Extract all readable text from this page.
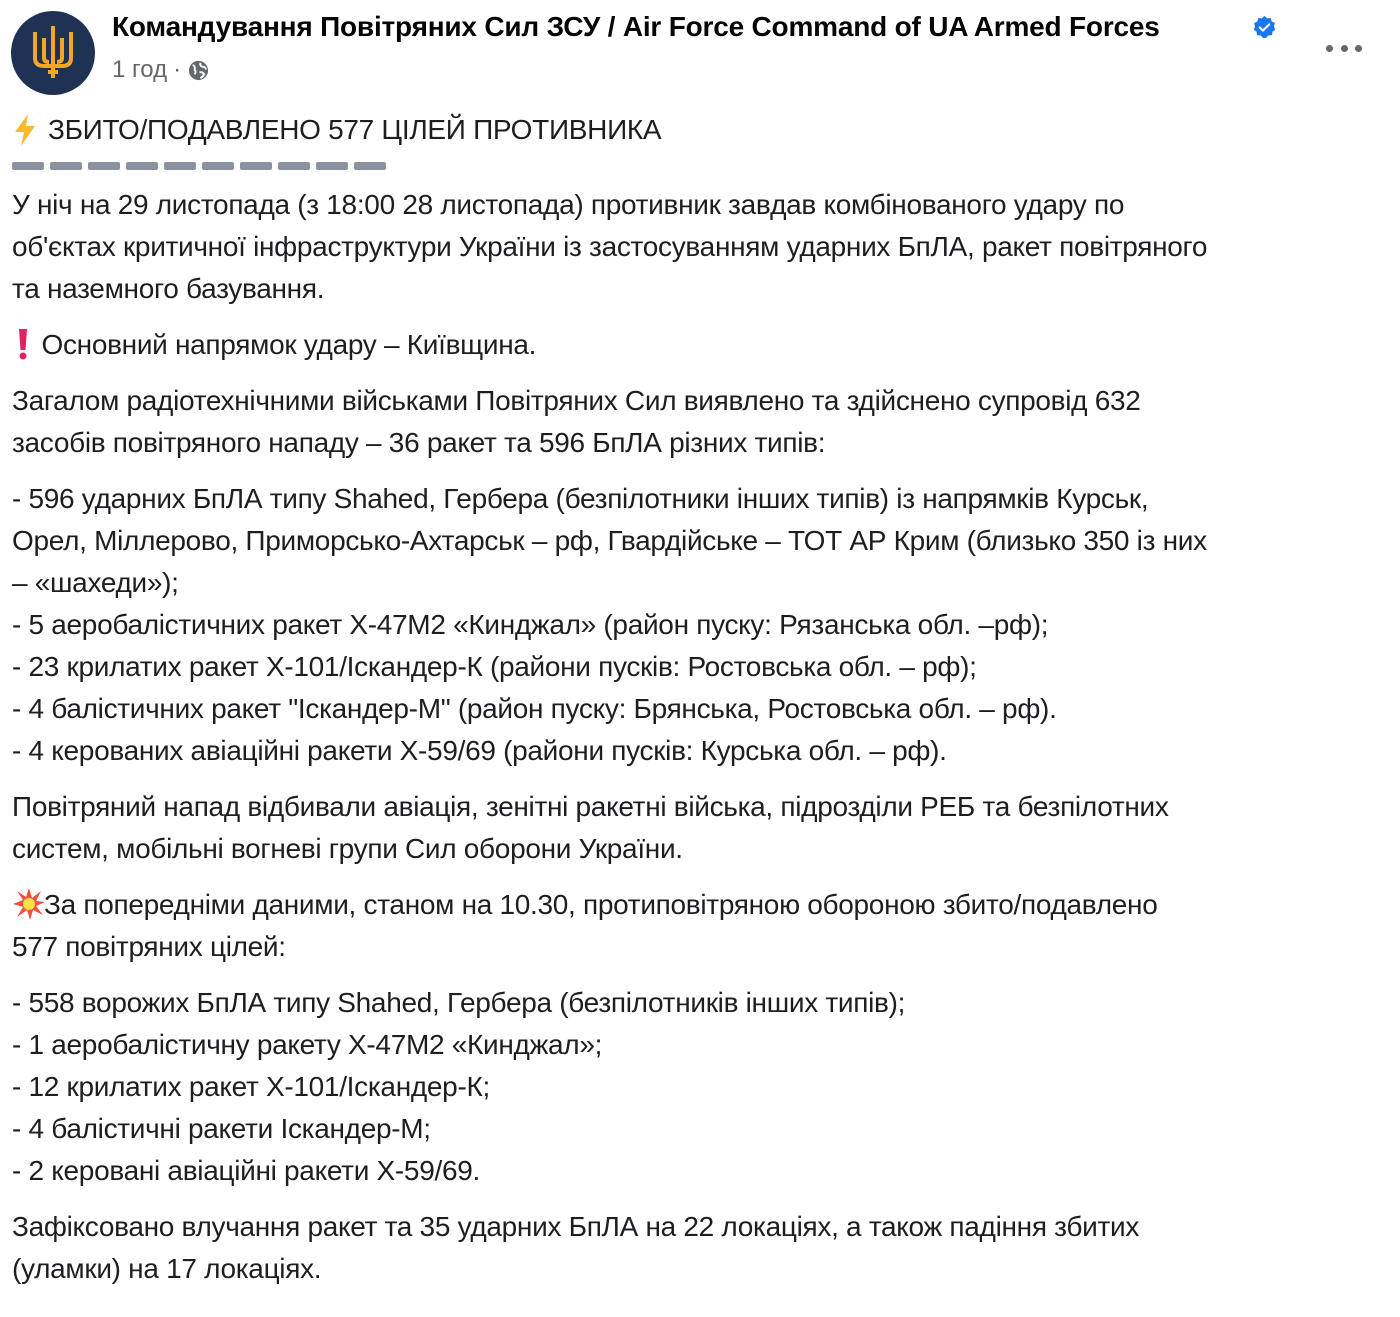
Командування Повітряних Сил ЗСУ / Air Force Command of UA Armed Forces
1 год ·
ЗБИТО/ПОДАВЛЕНО 577 ЦІЛЕЙ ПРОТИВНИКА

У ніч на 29 листопада (з 18:00 28 листопада) противник завдав комбінованого удару по

об'єктах критичної інфраструктури України із застосуванням ударних БпЛА, ракет повітряного

та наземного базування.

Основний напрямок удару – Київщина.

Загалом радіотехнічними військами Повітряних Сил виявлено та здійснено супровід 632

засобів повітряного нападу – 36 ракет та 596 БпЛА різних типів:

- 596 ударних БпЛА типу Shahed, Гербера (безпілотники інших типів) із напрямків Курськ,

Орел, Міллерово, Приморсько-Ахтарськ – рф, Гвардійське – ТОТ АР Крим (близько 350 із них

– «шахеди»);

- 5 аеробалістичних ракет Х-47М2 «Кинджал» (район пуску: Рязанська обл. –рф);

- 23 крилатих ракет Х-101/Іскандер-К (райони пусків: Ростовська обл. – рф);

- 4 балістичних ракет "Іскандер-М" (район пуску: Брянська, Ростовська обл. – рф).

- 4 керованих авіаційні ракети Х-59/69 (райони пусків: Курська обл. – рф).

Повітряний напад відбивали авіація, зенітні ракетні війська, підрозділи РЕБ та безпілотних

систем, мобільні вогневі групи Сил оборони України.

За попередніми даними, станом на 10.30, протиповітряною обороною збито/подавлено

577 повітряних цілей:

- 558 ворожих БпЛА типу Shahed, Гербера (безпілотників інших типів);

- 1 аеробалістичну ракету Х-47М2 «Кинджал»;

- 12 крилатих ракет Х-101/Іскандер-К;

- 4 балістичні ракети Іскандер-М;

- 2 керовані авіаційні ракети Х-59/69.

Зафіксовано влучання ракет та 35 ударних БпЛА на 22 локаціях, а також падіння збитих

(уламки) на 17 локаціях.
